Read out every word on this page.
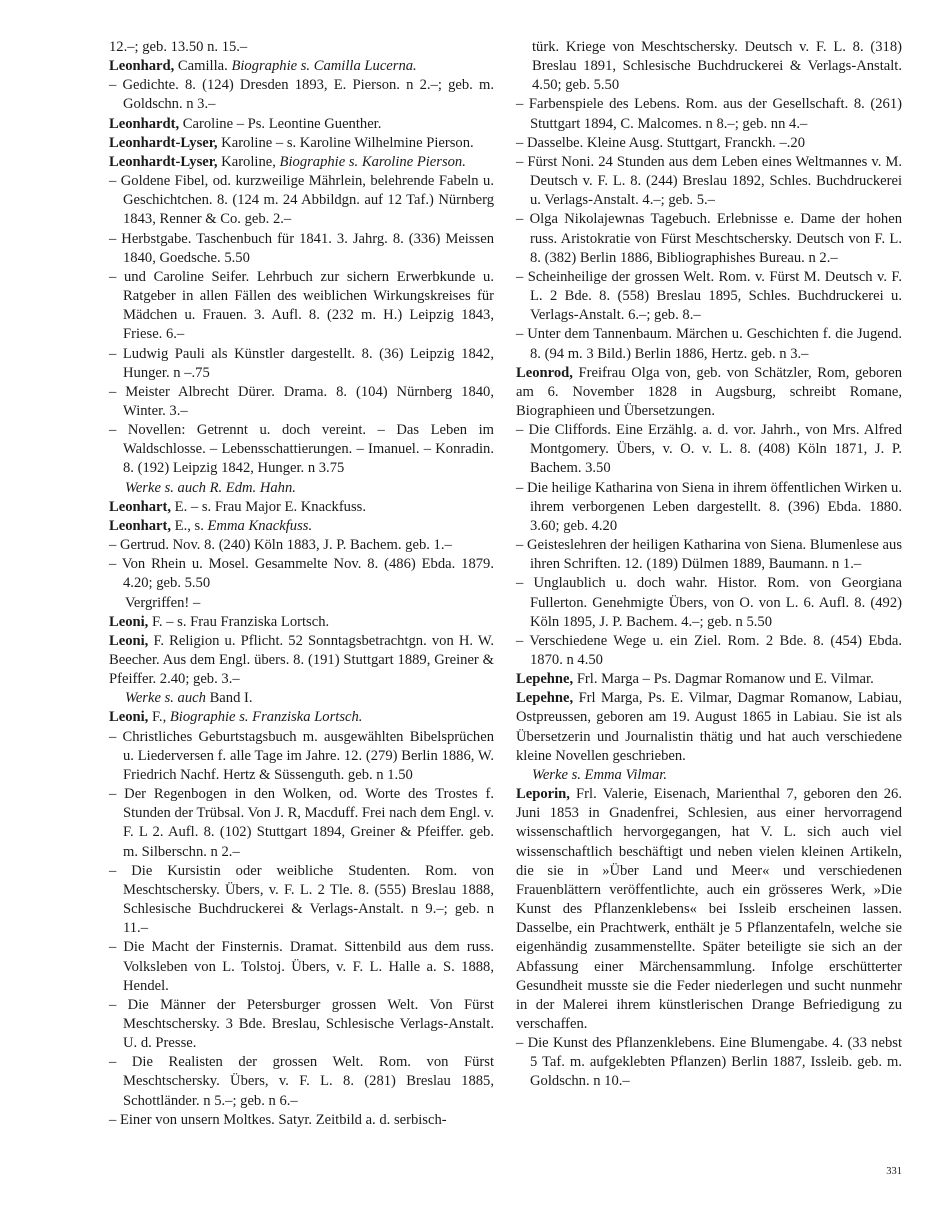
12.–; geb. 13.50 n. 15.–

Leonhard, Camilla. Biographie s. Camilla Lucerna.

– Gedichte. 8. (124) Dresden 1893, E. Pierson. n 2.–; geb. m. Goldschn. n 3.–

Leonhardt, Caroline – Ps. Leontine Guenther.

Leonhardt-Lyser, Karoline – s. Karoline Wilhelmine Pierson.

Leonhardt-Lyser, Karoline, Biographie s. Karoline Pierson.

– Goldene Fibel, od. kurzweilige Mährlein, belehrende Fabeln u. Geschichtchen. 8. (124 m. 24 Abbildgn. auf 12 Taf.) Nürnberg 1843, Renner & Co. geb. 2.–

– Herbstgabe. Taschenbuch für 1841. 3. Jahrg. 8. (336) Meissen 1840, Goedsche. 5.50

– und Caroline Seifer. Lehrbuch zur sichern Erwerbkunde u. Ratgeber in allen Fällen des weiblichen Wirkungskreises für Mädchen u. Frauen. 3. Aufl. 8. (232 m. H.) Leipzig 1843, Friese. 6.–

– Ludwig Pauli als Künstler dargestellt. 8. (36) Leipzig 1842, Hunger. n –.75

– Meister Albrecht Dürer. Drama. 8. (104) Nürnberg 1840, Winter. 3.–

– Novellen: Getrennt u. doch vereint. – Das Leben im Waldschlosse. – Lebensschattierungen. – Imanuel. – Konradin. 8. (192) Leipzig 1842, Hunger. n 3.75

Werke s. auch R. Edm. Hahn.

Leonhart, E. – s. Frau Major E. Knackfuss.

Leonhart, E., s. Emma Knackfuss.

– Gertrud. Nov. 8. (240) Köln 1883, J. P. Bachem. geb. 1.–

– Von Rhein u. Mosel. Gesammelte Nov. 8. (486) Ebda. 1879. 4.20; geb. 5.50

Vergriffen! –

Leoni, F. – s. Frau Franziska Lortsch.

Leoni, F. Religion u. Pflicht. 52 Sonntagsbetrachtgn. von H. W. Beecher. Aus dem Engl. übers. 8. (191) Stuttgart 1889, Greiner & Pfeiffer. 2.40; geb. 3.–

Werke s. auch Band I.

Leoni, F., Biographie s. Franziska Lortsch.

– Christliches Geburtstagsbuch m. ausgewählten Bibelsprüchen u. Liederversen f. alle Tage im Jahre. 12. (279) Berlin 1886, W. Friedrich Nachf. Hertz & Süssenguth. geb. n 1.50

– Der Regenbogen in den Wolken, od. Worte des Trostes f. Stunden der Trübsal. Von J. R, Macduff. Frei nach dem Engl. v. F. L 2. Aufl. 8. (102) Stuttgart 1894, Greiner & Pfeiffer. geb. m. Silberschn. n 2.–

– Die Kursistin oder weibliche Studenten. Rom. von Meschtschersky. Übers, v. F. L. 2 Tle. 8. (555) Breslau 1888, Schlesische Buchdruckerei & Verlags-Anstalt. n 9.–; geb. n 11.–

– Die Macht der Finsternis. Dramat. Sittenbild aus dem russ. Volksleben von L. Tolstoj. Übers, v. F. L. Halle a. S. 1888, Hendel.

– Die Männer der Petersburger grossen Welt. Von Fürst Meschtschersky. 3 Bde. Breslau, Schlesische Verlags-Anstalt. U. d. Presse.

– Die Realisten der grossen Welt. Rom. von Fürst Meschtschersky. Übers, v. F. L. 8. (281) Breslau 1885, Schottländer. n 5.–; geb. n 6.–

– Einer von unsern Moltkes. Satyr. Zeitbild a. d. serbisch-

türk. Kriege von Meschtschersky. Deutsch v. F. L. 8. (318) Breslau 1891, Schlesische Buchdruckerei & Verlags-Anstalt. 4.50; geb. 5.50

– Farbenspiele des Lebens. Rom. aus der Gesellschaft. 8. (261) Stuttgart 1894, C. Malcomes. n 8.–; geb. nn 4.–

– Dasselbe. Kleine Ausg. Stuttgart, Franckh. –.20

– Fürst Noni. 24 Stunden aus dem Leben eines Weltmannes v. M. Deutsch v. F. L. 8. (244) Breslau 1892, Schles. Buchdruckerei u. Verlags-Anstalt. 4.–; geb. 5.–

– Olga Nikolajewnas Tagebuch. Erlebnisse e. Dame der hohen russ. Aristokratie von Fürst Meschtschersky. Deutsch von F. L. 8. (382) Berlin 1886, Bibliographishes Bureau. n 2.–

– Scheinheilige der grossen Welt. Rom. v. Fürst M. Deutsch v. F. L. 2 Bde. 8. (558) Breslau 1895, Schles. Buchdruckerei u. Verlags-Anstalt. 6.–; geb. 8.–

– Unter dem Tannenbaum. Märchen u. Geschichten f. die Jugend. 8. (94 m. 3 Bild.) Berlin 1886, Hertz. geb. n 3.–

Leonrod, Freifrau Olga von, geb. von Schätzler, Rom, geboren am 6. November 1828 in Augsburg, schreibt Romane, Biographieen und Übersetzungen.

– Die Cliffords. Eine Erzählg. a. d. vor. Jahrh., von Mrs. Alfred Montgomery. Übers, v. O. v. L. 8. (408) Köln 1871, J. P. Bachem. 3.50

– Die heilige Katharina von Siena in ihrem öffentlichen Wirken u. ihrem verborgenen Leben dargestellt. 8. (396) Ebda. 1880. 3.60; geb. 4.20

– Geisteslehren der heiligen Katharina von Siena. Blumenlese aus ihren Schriften. 12. (189) Dülmen 1889, Baumann. n 1.–

– Unglaublich u. doch wahr. Histor. Rom. von Georgiana Fullerton. Genehmigte Übers, von O. von L. 6. Aufl. 8. (492) Köln 1895, J. P. Bachem. 4.–; geb. n 5.50

– Verschiedene Wege u. ein Ziel. Rom. 2 Bde. 8. (454) Ebda. 1870. n 4.50

Lepehne, Frl. Marga – Ps. Dagmar Romanow und E. Vilmar.

Lepehne, Frl Marga, Ps. E. Vilmar, Dagmar Romanow, Labiau, Ostpreussen, geboren am 19. August 1865 in Labiau. Sie ist als Übersetzerin und Journalistin thätig und hat auch verschiedene kleine Novellen geschrieben.

Werke s. Emma Vilmar.

Leporin, Frl. Valerie, Eisenach, Marienthal 7, geboren den 26. Juni 1853 in Gnadenfrei, Schlesien, aus einer hervorragend wissenschaftlich hervorgegangen, hat V. L. sich auch viel wissenschaftlich beschäftigt und neben vielen kleinen Artikeln, die sie in »Über Land und Meer« und verschiedenen Frauenblättern veröffentlichte, auch ein grösseres Werk, »Die Kunst des Pflanzenklebens« bei Issleib erscheinen lassen. Dasselbe, ein Prachtwerk, enthält je 5 Pflanzentafeln, welche sie eigenhändig zusammenstellte. Später beteiligte sie sich an der Abfassung einer Märchensammlung. Infolge erschütterter Gesundheit musste sie die Feder niederlegen und sucht nunmehr in der Malerei ihrem künstlerischen Drange Befriedigung zu verschaffen.

– Die Kunst des Pflanzenklebens. Eine Blumengabe. 4. (33 nebst 5 Taf. m. aufgeklebten Pflanzen) Berlin 1887, Issleib. geb. m. Goldschn. n 10.–

331
